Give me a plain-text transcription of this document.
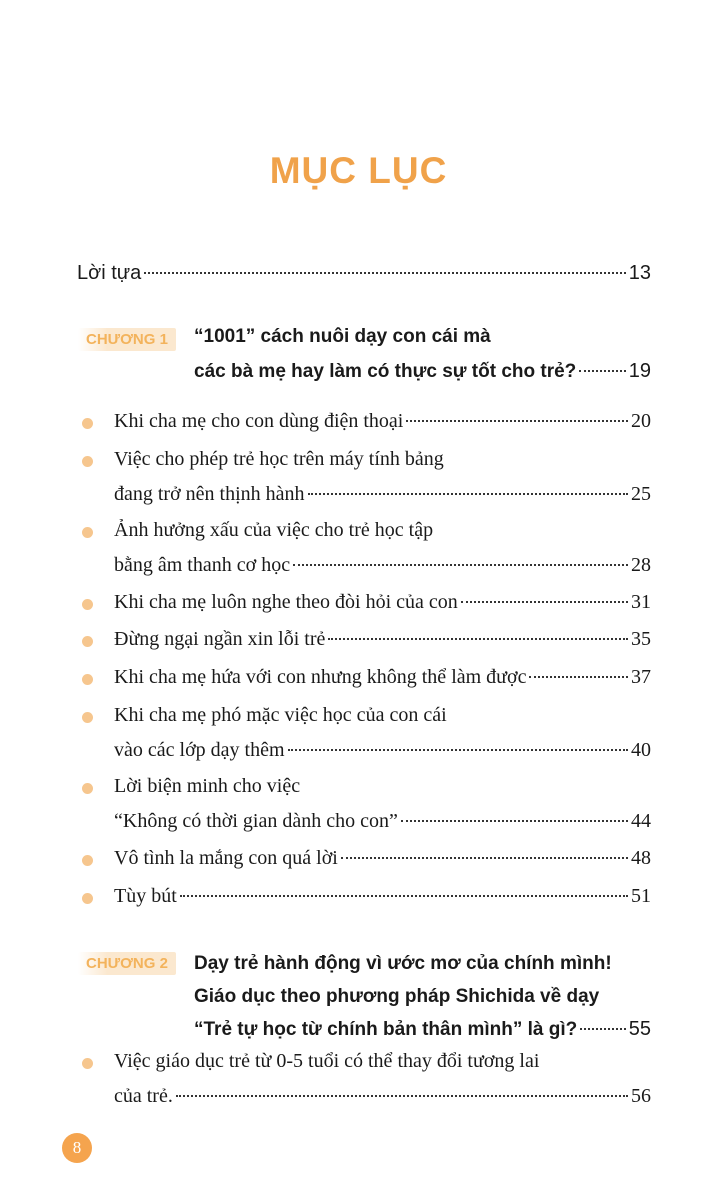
MỤC LỤC
Lời tựa	13
CHƯƠNG 1	“1001” cách nuôi dạy con cái mà
các bà mẹ hay làm có thực sự tốt cho trẻ?	19
Khi cha mẹ cho con dùng điện thoại	20
Việc cho phép trẻ học trên máy tính bảng
đang trở nên thịnh hành	25
Ảnh hưởng xấu của việc cho trẻ học tập
bằng âm thanh cơ học	28
Khi cha mẹ luôn nghe theo đòi hỏi của con	31
Đừng ngại ngần xin lỗi trẻ	35
Khi cha mẹ hứa với con nhưng không thể làm được	37
Khi cha mẹ phó mặc việc học của con cái
vào các lớp dạy thêm	40
Lời biện minh cho việc
“Không có thời gian dành cho con”	44
Vô tình la mắng con quá lời	48
Tùy bút	51
CHƯƠNG 2	Dạy trẻ hành động vì ước mơ của chính mình!
Giáo dục theo phương pháp Shichida về dạy
“Trẻ tự học từ chính bản thân mình” là gì?	55
Việc giáo dục trẻ từ 0-5 tuổi có thể thay đổi tương lai
của trẻ.	56
8
